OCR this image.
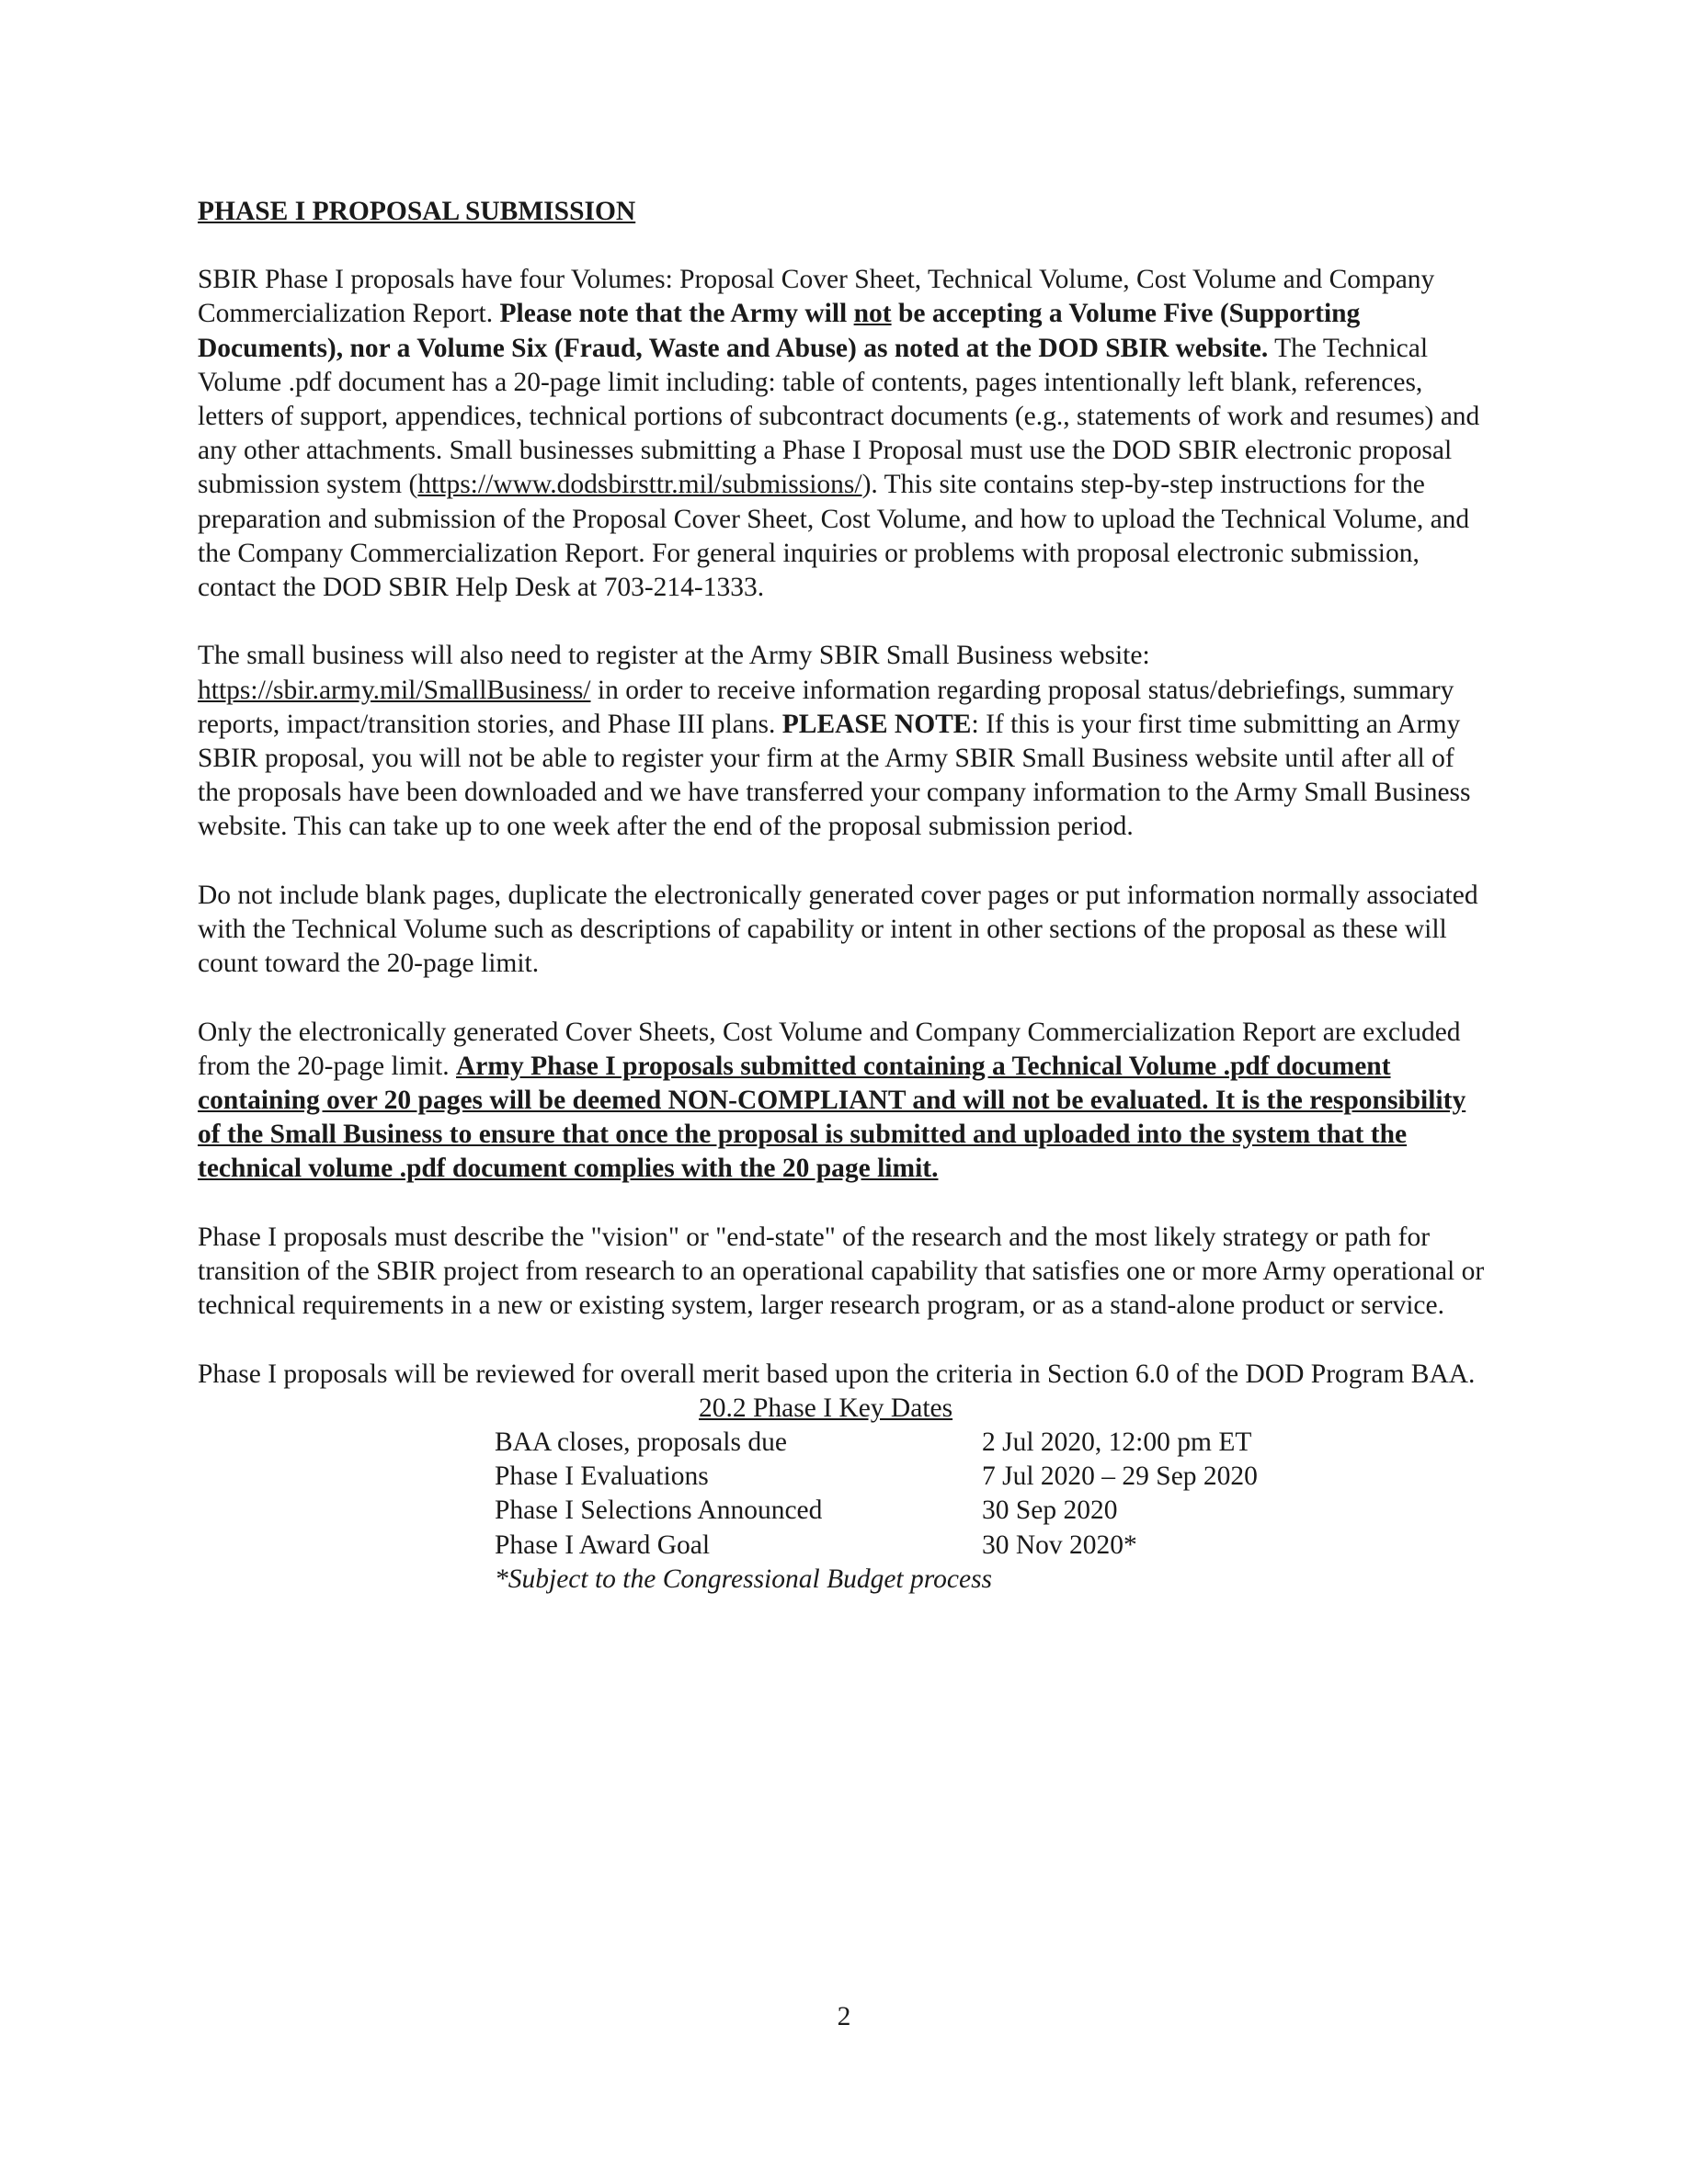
PHASE I PROPOSAL SUBMISSION

SBIR Phase I proposals have four Volumes: Proposal Cover Sheet, Technical Volume, Cost Volume and Company Commercialization Report. Please note that the Army will not be accepting a Volume Five (Supporting Documents), nor a Volume Six (Fraud, Waste and Abuse) as noted at the DOD SBIR website. The Technical Volume .pdf document has a 20-page limit including: table of contents, pages intentionally left blank, references, letters of support, appendices, technical portions of subcontract documents (e.g., statements of work and resumes) and any other attachments. Small businesses submitting a Phase I Proposal must use the DOD SBIR electronic proposal submission system (https://www.dodsbirsttr.mil/submissions/). This site contains step-by-step instructions for the preparation and submission of the Proposal Cover Sheet, Cost Volume, and how to upload the Technical Volume, and the Company Commercialization Report. For general inquiries or problems with proposal electronic submission, contact the DOD SBIR Help Desk at 703-214-1333.

The small business will also need to register at the Army SBIR Small Business website: https://sbir.army.mil/SmallBusiness/ in order to receive information regarding proposal status/debriefings, summary reports, impact/transition stories, and Phase III plans. PLEASE NOTE: If this is your first time submitting an Army SBIR proposal, you will not be able to register your firm at the Army SBIR Small Business website until after all of the proposals have been downloaded and we have transferred your company information to the Army Small Business website. This can take up to one week after the end of the proposal submission period.

Do not include blank pages, duplicate the electronically generated cover pages or put information normally associated with the Technical Volume such as descriptions of capability or intent in other sections of the proposal as these will count toward the 20-page limit.

Only the electronically generated Cover Sheets, Cost Volume and Company Commercialization Report are excluded from the 20-page limit. Army Phase I proposals submitted containing a Technical Volume .pdf document containing over 20 pages will be deemed NON-COMPLIANT and will not be evaluated. It is the responsibility of the Small Business to ensure that once the proposal is submitted and uploaded into the system that the technical volume .pdf document complies with the 20 page limit.

Phase I proposals must describe the "vision" or "end-state" of the research and the most likely strategy or path for transition of the SBIR project from research to an operational capability that satisfies one or more Army operational or technical requirements in a new or existing system, larger research program, or as a stand-alone product or service.

Phase I proposals will be reviewed for overall merit based upon the criteria in Section 6.0 of the DOD Program BAA.

20.2 Phase I Key Dates
BAA closes, proposals due	2 Jul 2020, 12:00 pm ET
Phase I Evaluations	7 Jul 2020 – 29 Sep 2020
Phase I Selections Announced	30 Sep 2020
Phase I Award Goal	30 Nov 2020*
*Subject to the Congressional Budget process
2
